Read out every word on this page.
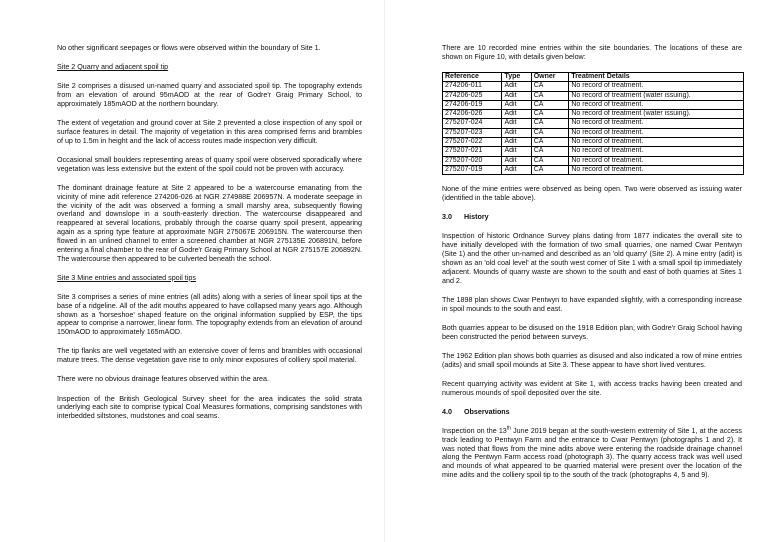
No other significant seepages or flows were observed within the boundary of Site 1.

Site 2 Quarry and adjacent spoil tip

Site 2 comprises a disused un-named quarry and associated spoil tip. The topography extends from an elevation of around 95mAOD at the rear of Godre'r Graig Primary School, to approximately 185mAOD at the northern boundary.

The extent of vegetation and ground cover at Site 2 prevented a close inspection of any spoil or surface features in detail. The majority of vegetation in this area comprised ferns and brambles of up to 1.5m in height and the lack of access routes made inspection very difficult.

Occasional small boulders representing areas of quarry spoil were observed sporadically where vegetation was less extensive but the extent of the spoil could not be proven with accuracy.

The dominant drainage feature at Site 2 appeared to be a watercourse emanating from the vicinity of mine adit reference 274206-026 at NGR 274988E 206957N. A moderate seepage in the vicinity of the adit was observed a forming a small marshy area, subsequently flowing overland and downslope in a south-easterly direction. The watercourse disappeared and reappeared at several locations, probably through the coarse quarry spoil present, appearing again as a spring type feature at approximate NGR 275067E 206915N. The watercourse then flowed in an unlined channel to enter a screened chamber at NGR 275135E 206891N, before entering a final chamber to the rear of Godre'r Graig Primary School at NGR 275157E 206892N. The watercourse then appeared to be culverted beneath the school.

Site 3 Mine entries and associated spoil tips

Site 3 comprises a series of mine entries (all adits) along with a series of linear spoil tips at the base of a ridgeline. All of the adit mouths appeared to have collapsed many years ago. Although shown as a 'horseshoe' shaped feature on the original information supplied by ESP, the tips appear to comprise a narrower, linear form. The topography extends from an elevation of around 150mAOD to approximately 165mAOD.

The tip flanks are well vegetated with an extensive cover of ferns and brambles with occasional mature trees. The dense vegetation gave rise to only minor exposures of colliery spoil material.

There were no obvious drainage features observed within the area.

Inspection of the British Geological Survey sheet for the area indicates the solid strata underlying each site to comprise typical Coal Measures formations, comprising sandstones with interbedded siltstones, mudstones and coal seams.

There are 10 recorded mine entries within the site boundaries. The locations of these are shown on Figure 10, with details given below:

Reference	Type	Owner	Treatment Details
274206-011	Adit	CA	No record of treatment.
274206-025	Adit	CA	No record of treatment (water issuing).
274206-019	Adit	CA	No record of treatment.
274206-026	Adit	CA	No record of treatment (water issuing).
275207-024	Adit	CA	No record of treatment.
275207-023	Adit	CA	No record of treatment.
275207-022	Adit	CA	No record of treatment.
275207-021	Adit	CA	No record of treatment.
275207-020	Adit	CA	No record of treatment.
275207-019	Adit	CA	No record of treatment.

None of the mine entries were observed as being open. Two were observed as issuing water (identified in the table above).

3.0 History

Inspection of historic Ordnance Survey plans dating from 1877 indicates the overall site to have initially developed with the formation of two small quarries, one named Cwar Pentwyn (Site 1) and the other un-named and described as an 'old quarry' (Site 2). A mine entry (adit) is shown as an 'old coal level' at the south west corner of Site 1 with a small spoil tip immediately adjacent. Mounds of quarry waste are shown to the south and east of both quarries at Sites 1 and 2.

The 1898 plan shows Cwar Pentwyn to have expanded slightly, with a corresponding increase in spoil mounds to the south and east.

Both quarries appear to be disused on the 1918 Edition plan, with Godre'r Graig School having been constructed the period between surveys.

The 1962 Edition plan shows both quarries as disused and also indicated a row of mine entries (adits) and small spoil mounds at Site 3. These appear to have short lived ventures.

Recent quarrying activity was evident at Site 1, with access tracks having been created and numerous mounds of spoil deposited over the site.

4.0 Observations

Inspection on the 13th June 2019 began at the south-western extremity of Site 1, at the access track leading to Pentwyn Farm and the entrance to Cwar Pentwyn (photographs 1 and 2). It was noted that flows from the mine adits above were entering the roadside drainage channel along the Pentwyn Farm access road (photograph 3). The quarry access track was well used and mounds of what appeared to be quarried material were present over the location of the mine adits and the colliery spoil tip to the south of the track (photographs 4, 5 and 9).
